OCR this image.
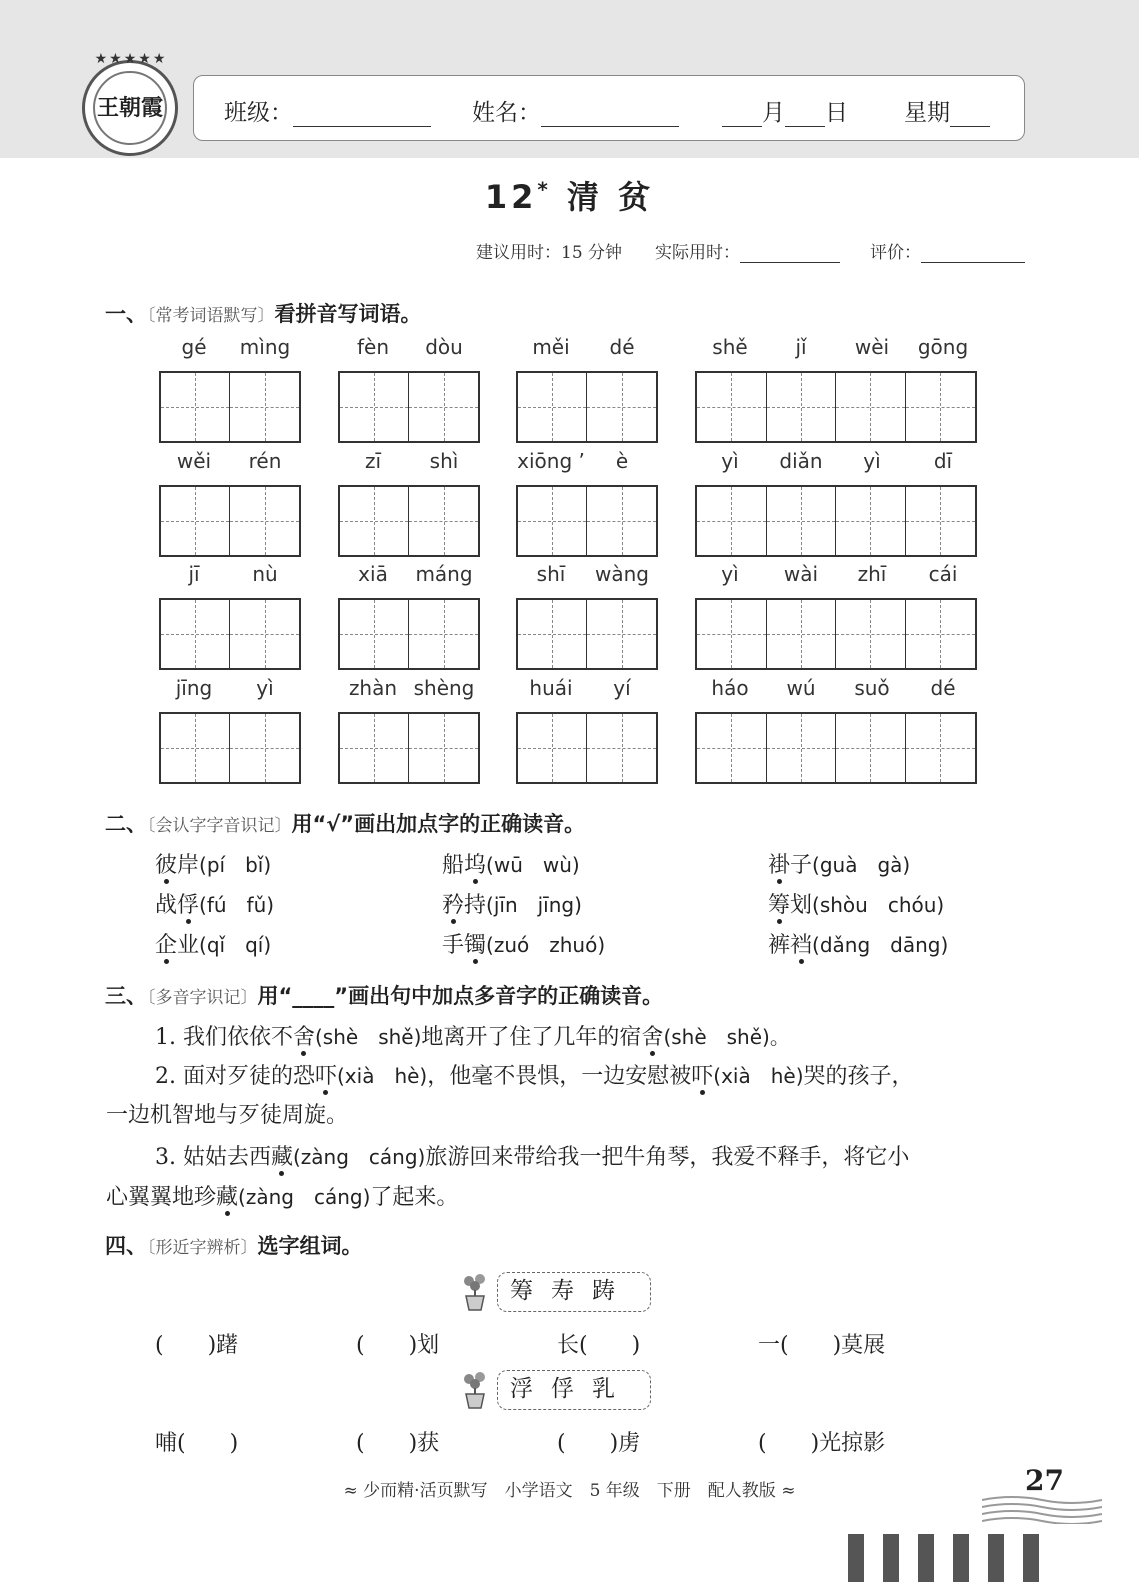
★★★★★
王朝霞	班级：	姓名：	月 日 星期
12* 清 贫
建议用时：15 分钟 实际用时：	评价：
一、〔常考词语默写〕看拼音写词语。
gé	mìng	fèn	dòu	měi	dé	shě	jǐ	wèi	gōng
wěi	rén	zī	shì	xiōng ’	è	yì	diǎn	yì	dī
jī	nù	xiā	máng	shī	wàng	yì	wài	zhī	cái
jīng	yì	zhàn shèng	huái	yí	háo	wú	suǒ	dé
二、〔会认字字音识记〕用“√”画出加点字的正确读音。
彼岸(pí　bǐ)	船坞(wū　wù)	褂子(guà　gà)
战俘(fú　fǔ)	矜持(jīn　jīng)	筹划(shòu　chóu)
企业(qǐ　qí)	手镯(zuó　zhuó)	裤裆(dǎng　dāng)
三、〔多音字识记〕用“____”画出句中加点多音字的正确读音。
1. 我们依依不舍(shè　shě)地离开了住了几年的宿舍(shè　shě)。
2. 面对歹徒的恐吓(xià　hè)，他毫不畏惧，一边安慰被吓(xià　hè)哭的孩子，
一边机智地与歹徒周旋。
3. 姑姑去西藏(zàng　cáng)旅游回来带给我一把牛角琴，我爱不释手，将它小
心翼翼地珍藏(zàng　cáng)了起来。
四、〔形近字辨析〕选字组词。
筹寿踌
(　　)躇	(　　)划	长(　　)	一(　　)莫展
浮俘乳
哺(　　)	(　　)获	(　　)虏	(　　)光掠影
≈ 少而精·活页默写　小学语文　5 年级　下册　配人教版 ≈	27
